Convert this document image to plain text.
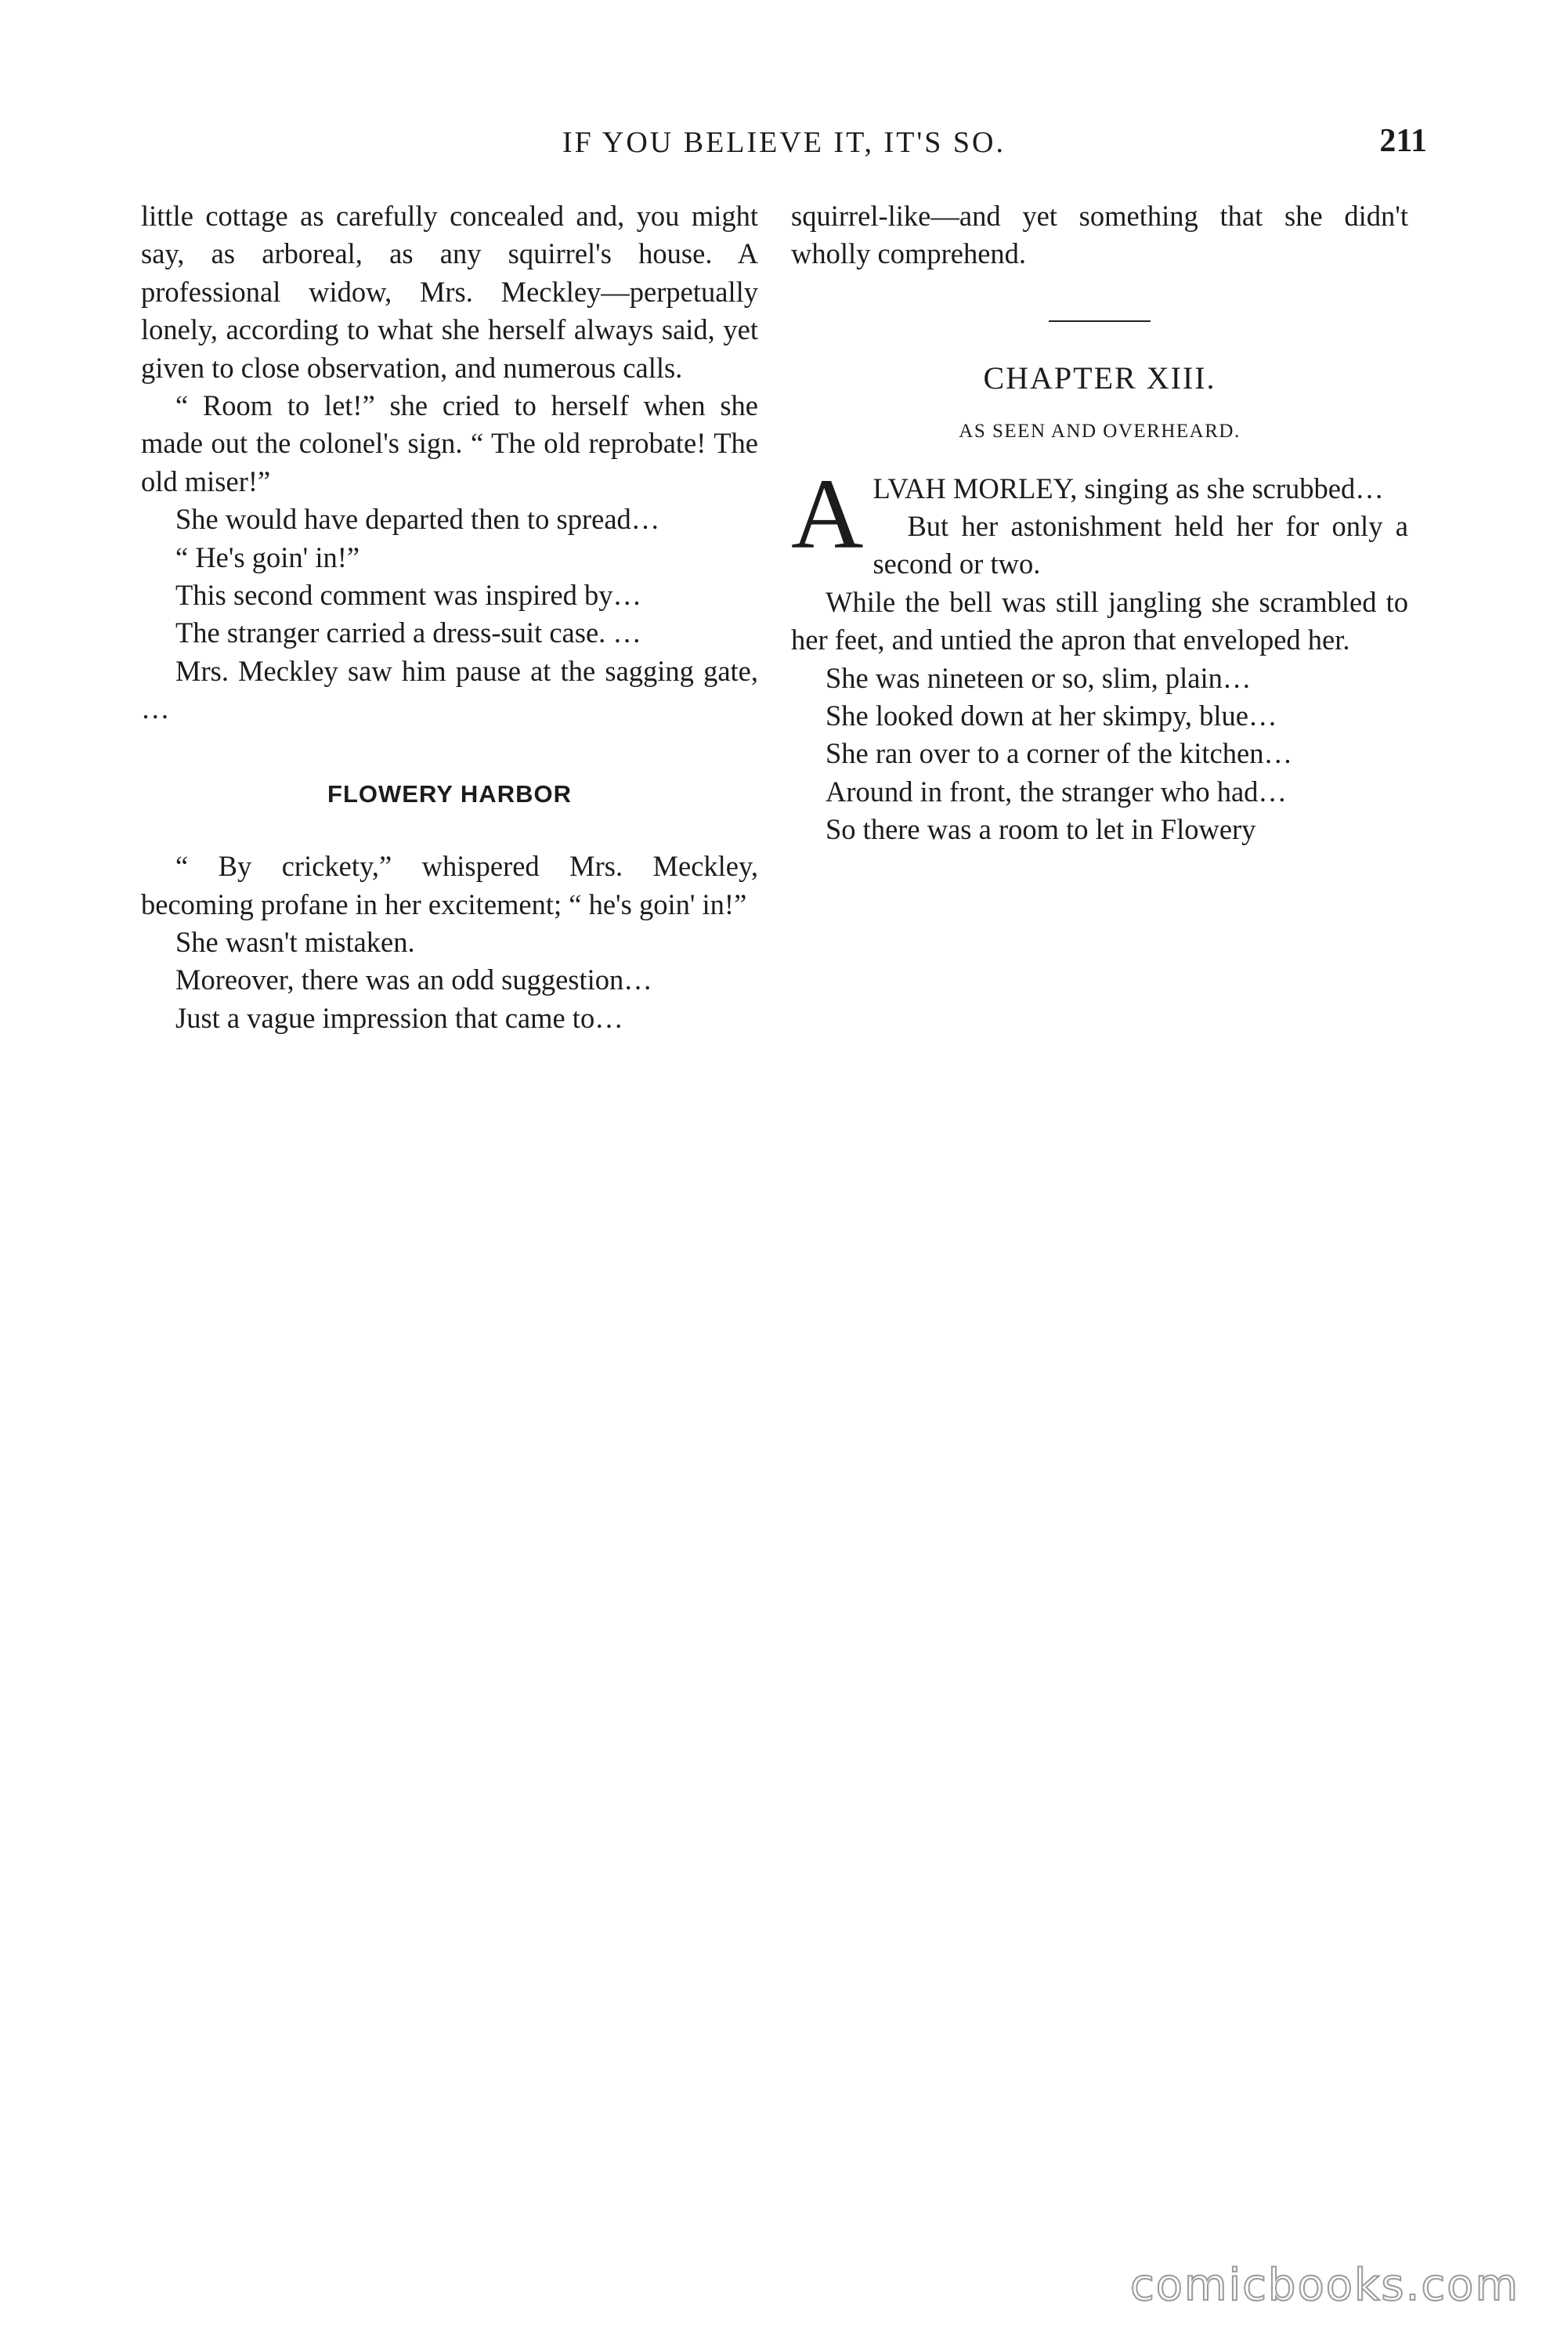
IF YOU BELIEVE IT, IT'S SO.	211

little cottage as carefully concealed and, you might say, as arboreal, as any squirrel's house. A professional widow, Mrs. Meckley—perpetually lonely, according to what she herself always said, yet given to close observation, and numerous calls.

“ Room to let!” she cried to herself when she made out the colonel's sign. “ The old reprobate! The old miser!”

She would have departed then to spread…

“ He's goin' in!”

This second comment was inspired by…

The stranger carried a dress-suit case. …

Mrs. Meckley saw him pause at the sagging gate, …

FLOWERY HARBOR

“ By crickety,” whispered Mrs. Meckley, becoming profane in her excitement; “ he's goin' in!”

She wasn't mistaken.

Moreover, there was an odd suggestion…

Just a vague impression that came to…

squirrel-like—and yet something that she didn't wholly comprehend.

CHAPTER XIII.
AS SEEN AND OVERHEARD.

ALVAH MORLEY, singing as she scrubbed…

But her astonishment held her for only a second or two.

While the bell was still jangling she scrambled to her feet, and untied the apron that enveloped her.

She was nineteen or so, slim, plain…

She looked down at her skimpy, blue…

She ran over to a corner of the kitchen…

Around in front, the stranger who had…

So there was a room to let in Flowery

comicbooks.com
